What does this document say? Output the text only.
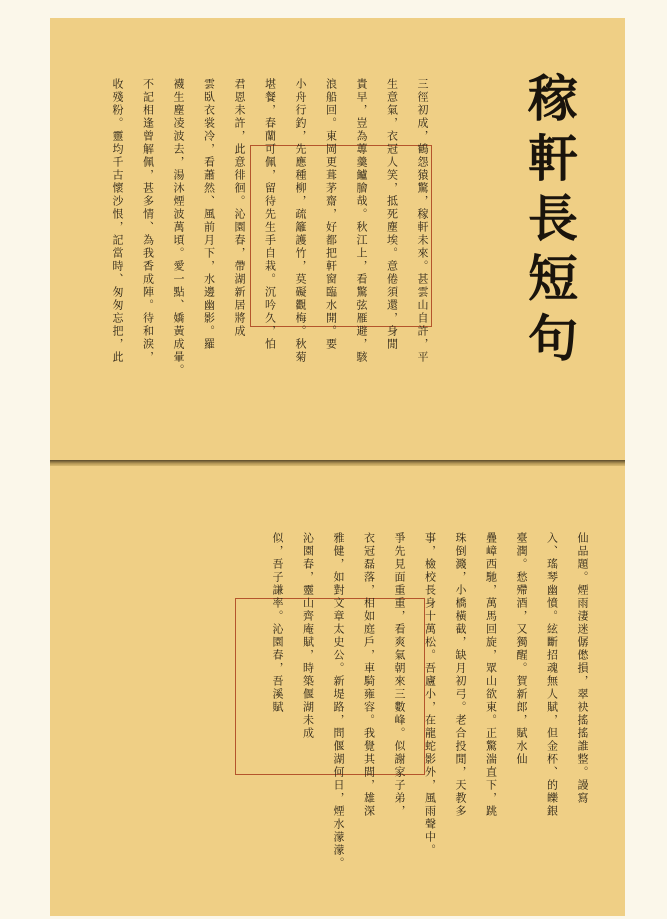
稼軒長短句
三徑初成，鶴怨猿驚，稼軒未來。甚雲山自許，平
生意氣，衣冠人笑，抵死塵埃。意倦須還，身閒
貴早，豈為蓴羹鱸膾哉。秋江上，看驚弦雁避，駭
浪船回。東岡更葺茅齋，好都把軒窗臨水開。要
小舟行釣，先應種柳，疏籬護竹，莫礙觀梅。秋菊
堪餐，春蘭可佩，留待先生手自栽。沉吟久，怕
君恩未許，此意徘徊。沁園春，帶湖新居將成
雲臥衣裳冷，看蕭然、風前月下，水邊幽影。羅
襪生塵凌波去，湯沐煙波萬頃。愛一點、嬌黃成暈。
不記相逢曾解佩，甚多情、為我香成陣。待和淚，
收殘粉。靈均千古懷沙恨，記當時、匆匆忘把，此
仙品題。煙雨淒迷僝僽損，翠袂搖搖誰整。謾寫
入、瑤琴幽憤。絃斷招魂無人賦，但金杯、的皪銀
臺潤。愁殢酒，又獨醒。賀新郎，賦水仙
疊嶂西馳，萬馬回旋，眾山欲東。正驚湍直下，跳
珠倒濺，小橋橫截，缺月初弓。老合投閒，天教多
事，檢校長身十萬松。吾廬小，在龍蛇影外，風雨聲中。
爭先見面重重，看爽氣朝來三數峰。似謝家子弟，
衣冠磊落，相如庭戶，車騎雍容。我覺其間，雄深
雅健，如對文章太史公。新堤路，問偃湖何日，煙水濛濛。
沁園春，靈山齊庵賦，時築偃湖未成
似，吾子謙率。沁園春，吾溪賦
